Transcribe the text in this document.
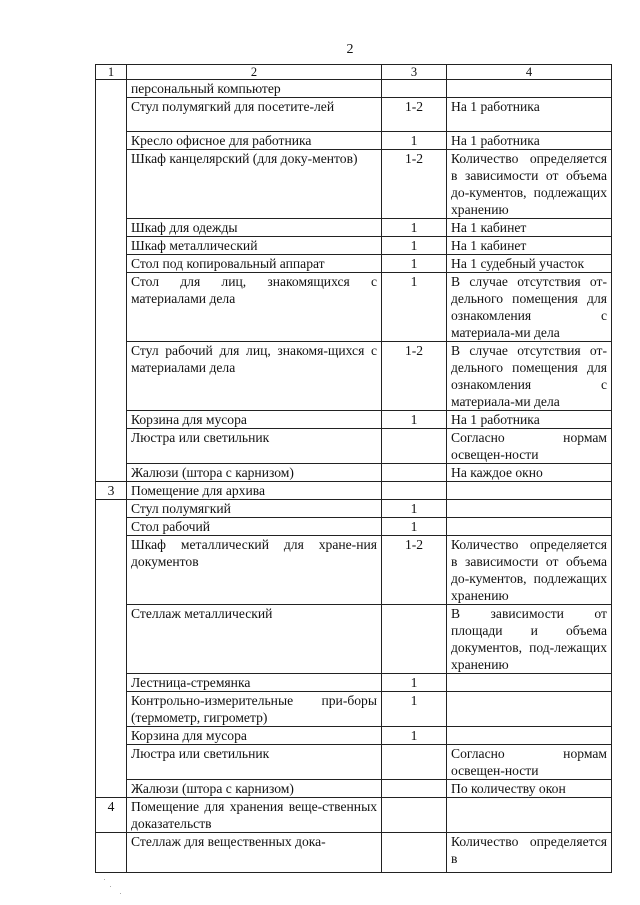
2
1	2	3	4
	персональный компьютер		
	Стул полумягкий для посетите-лей	1-2	На 1 работника
	Кресло офисное для работника	1	На 1 работника
	Шкаф канцелярский (для доку-ментов)	1-2	Количество определяется в зависимости от объема до-кументов, подлежащих хранению
	Шкаф для одежды	1	На 1 кабинет
	Шкаф металлический	1	На 1 кабинет
	Стол под копировальный аппарат	1	На 1 судебный участок
	Стол для лиц, знакомящихся с материалами дела	1	В случае отсутствия от-дельного помещения для ознакомления с материала-ми дела
	Стул рабочий для лиц, знакомя-щихся с материалами дела	1-2	В случае отсутствия от-дельного помещения для ознакомления с материала-ми дела
	Корзина для мусора	1	На 1 работника
	Люстра или светильник		Согласно нормам освещен-ности
	Жалюзи (штора с карнизом)		На каждое окно
3	Помещение для архива		
	Стул полумягкий	1	
	Стол рабочий	1	
	Шкаф металлический для хране-ния документов	1-2	Количество определяется в зависимости от объема до-кументов, подлежащих хранению
	Стеллаж металлический		В зависимости от площади и объема документов, под-лежащих хранению
	Лестница-стремянка	1	
	Контрольно-измерительные при-боры (термометр, гигрометр)	1	
	Корзина для мусора	1	
	Люстра или светильник		Согласно нормам освещен-ности
	Жалюзи (штора с карнизом)		По количеству окон
4	Помещение для хранения веще-ственных доказательств		
	Стеллаж для вещественных дока-		Количество определяется в
